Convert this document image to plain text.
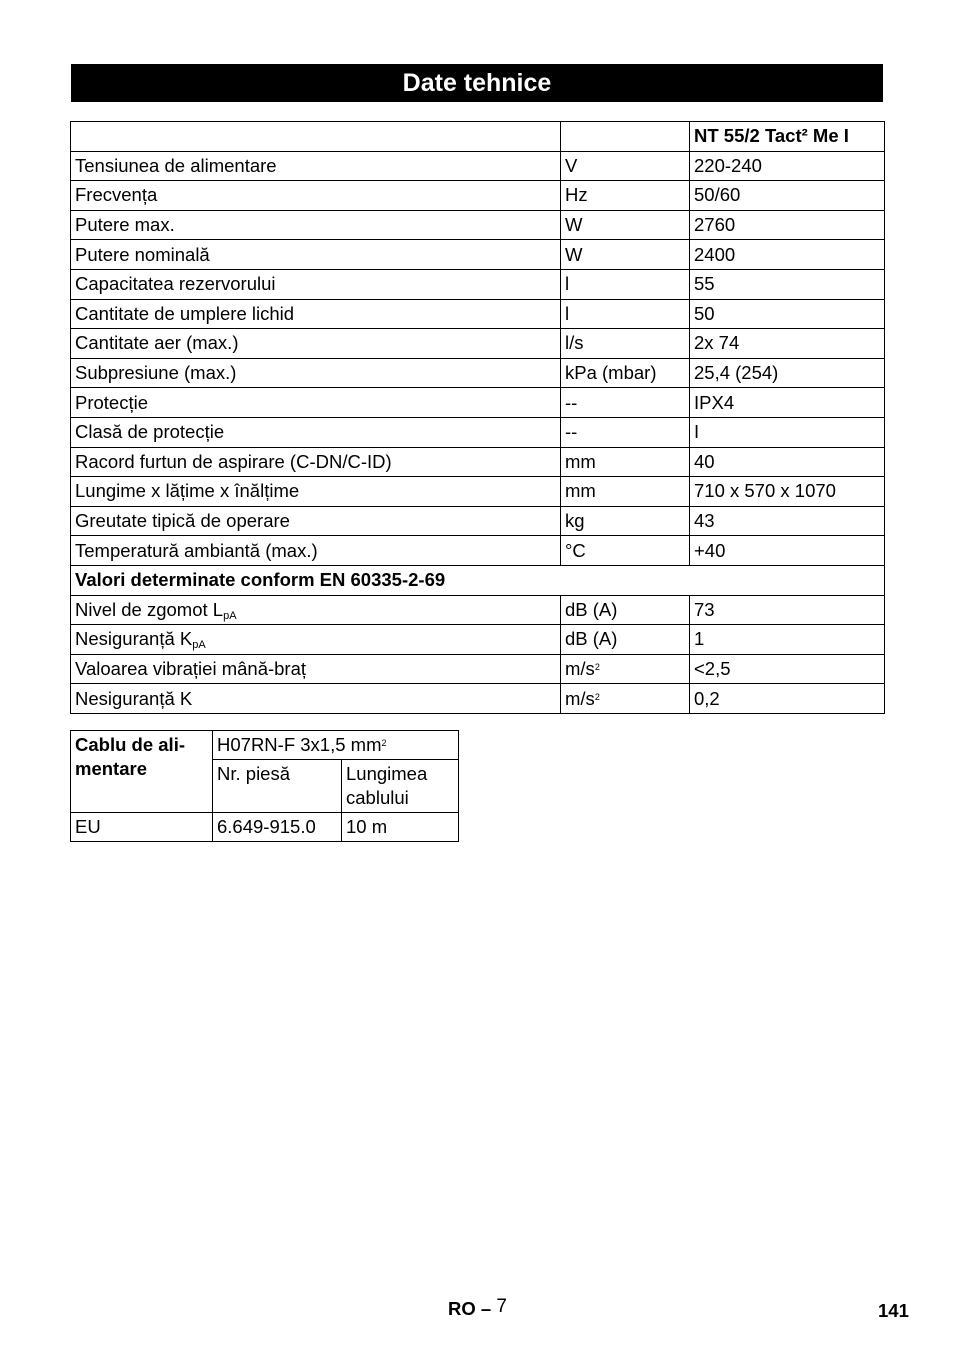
Date tehnice
		NT 55/2 Tact² Me I
Tensiunea de alimentare	V	220-240
Frecvența	Hz	50/60
Putere max.	W	2760
Putere nominală	W	2400
Capacitatea rezervorului	l	55
Cantitate de umplere lichid	l	50
Cantitate aer (max.)	l/s	2x 74
Subpresiune (max.)	kPa (mbar)	25,4 (254)
Protecție	--	IPX4
Clasă de protecție	--	I
Racord furtun de aspirare (C-DN/C-ID)	mm	40
Lungime x lățime x înălțime	mm	710 x 570 x 1070
Greutate tipică de operare	kg	43
Temperatură ambiantă (max.)	°C	+40
Valori determinate conform EN 60335-2-69		
Nivel de zgomot $L_{pA}$	dB (A)	73
Nesiguranță $K_{pA}$	dB (A)	1
Valoarea vibrației mână-braț	$m/s^2$	<2,5
Nesiguranță K	$m/s^2$	0,2
Cablu de ali-
mentare	H07RN-F 3x1,5 $mm^2$
	Nr. piesă	Lungimea
cablului
EU	6.649-915.0	10 m
RO – 7	141
